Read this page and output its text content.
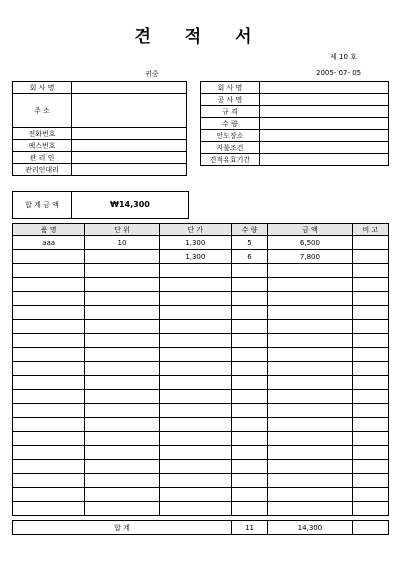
견 적 서
제 10 호
귀중	2005- 07- 05
회 사 명	
주 소	
전화번호	
팩스번호	
관 리 인	
관리인대리	
회 사 명	
공 사 명	
규 격	
수 량	
인도장소	
지불조건	
견적유효기간	
합 계 금 액	₩14,300
품 명	단 위	단 가	수 량	금 액	비 고
aaa	10	1,300	5	6,500	
		1,300	6	7,800	

합 계	11	14,300	
